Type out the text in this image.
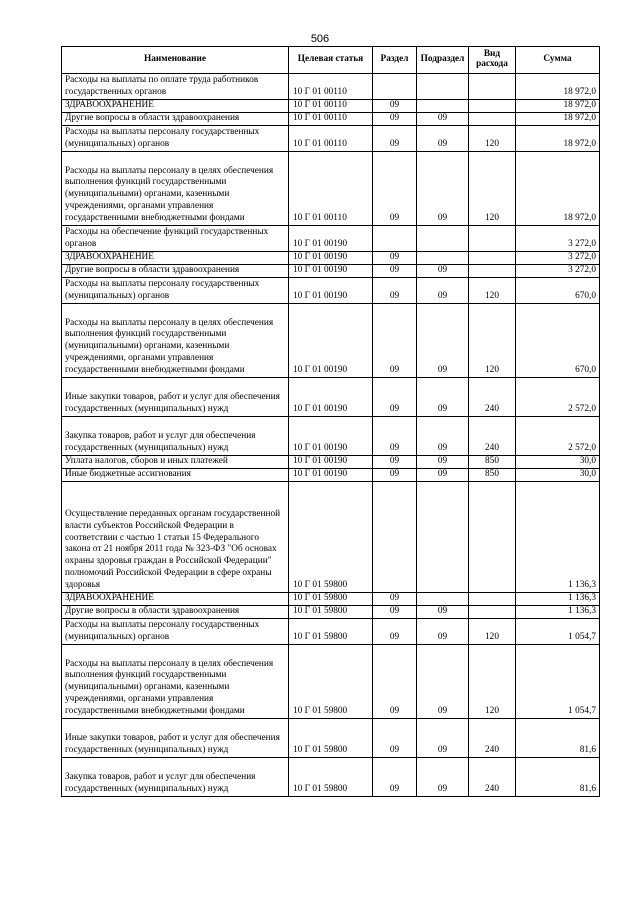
506
Наименование	Целевая статья	Раздел	Подраздел	Вид расхода	Сумма
Расходы на выплаты по оплате труда работников государственных органов	10 Г 01 00110				18 972,0
ЗДРАВООХРАНЕНИЕ	10 Г 01 00110	09			18 972,0
Другие вопросы в области здравоохранения	10 Г 01 00110	09	09		18 972,0
Расходы на выплаты персоналу государственных (муниципальных) органов	10 Г 01 00110	09	09	120	18 972,0
Расходы на выплаты персоналу в целях обеспечения выполнения функций государственными (муниципальными) органами, казенными учреждениями, органами управления государственными внебюджетными фондами	10 Г 01 00110	09	09	120	18 972,0
Расходы на обеспечение функций государственных органов	10 Г 01 00190				3 272,0
ЗДРАВООХРАНЕНИЕ	10 Г 01 00190	09			3 272,0
Другие вопросы в области здравоохранения	10 Г 01 00190	09	09		3 272,0
Расходы на выплаты персоналу государственных (муниципальных) органов	10 Г 01 00190	09	09	120	670,0
Расходы на выплаты персоналу в целях обеспечения выполнения функций государственными (муниципальными) органами, казенными учреждениями, органами управления государственными внебюджетными фондами	10 Г 01 00190	09	09	120	670,0
Иные закупки товаров, работ и услуг для обеспечения государственных (муниципальных) нужд	10 Г 01 00190	09	09	240	2 572,0
Закупка товаров, работ и услуг для обеспечения государственных (муниципальных) нужд	10 Г 01 00190	09	09	240	2 572,0
Уплата налогов, сборов и иных платежей	10 Г 01 00190	09	09	850	30,0
Иные бюджетные ассигнования	10 Г 01 00190	09	09	850	30,0
Осуществление переданных органам государственной власти субъектов Российской Федерации в соответствии с частью 1 статьи 15 Федерального закона от 21 ноября 2011 года № 323-ФЗ "Об основах охраны здоровья граждан в Российской Федерации" полномочий Российской Федерации в сфере охраны здоровья	10 Г 01 59800				1 136,3
ЗДРАВООХРАНЕНИЕ	10 Г 01 59800	09			1 136,3
Другие вопросы в области здравоохранения	10 Г 01 59800	09	09		1 136,3
Расходы на выплаты персоналу государственных (муниципальных) органов	10 Г 01 59800	09	09	120	1 054,7
Расходы на выплаты персоналу в целях обеспечения выполнения функций государственными (муниципальными) органами, казенными учреждениями, органами управления государственными внебюджетными фондами	10 Г 01 59800	09	09	120	1 054,7
Иные закупки товаров, работ и услуг для обеспечения государственных (муниципальных) нужд	10 Г 01 59800	09	09	240	81,6
Закупка товаров, работ и услуг для обеспечения государственных (муниципальных) нужд	10 Г 01 59800	09	09	240	81,6
